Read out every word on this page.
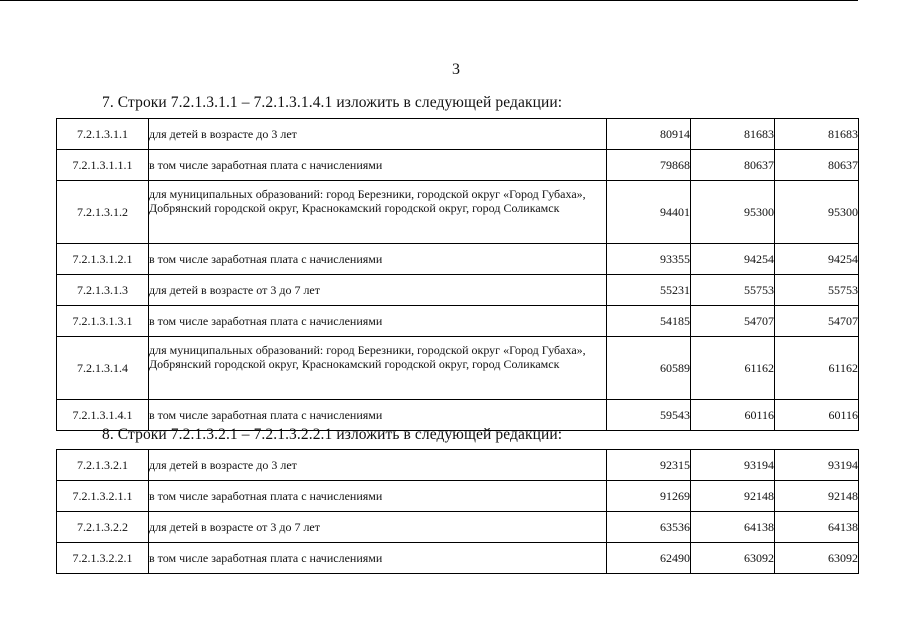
3
7. Строки 7.2.1.3.1.1 – 7.2.1.3.1.4.1 изложить в следующей редакции:
7.2.1.3.1.1	для детей в возрасте до 3 лет	80914	81683	81683
7.2.1.3.1.1.1	в том числе заработная плата с начислениями	79868	80637	80637
7.2.1.3.1.2	для муниципальных образований: город Березники, городской округ «Город Губаха», Добрянский городской округ, Краснокамский городской округ, город Соликамск	94401	95300	95300
7.2.1.3.1.2.1	в том числе заработная плата с начислениями	93355	94254	94254
7.2.1.3.1.3	для детей в возрасте от 3 до 7 лет	55231	55753	55753
7.2.1.3.1.3.1	в том числе заработная плата с начислениями	54185	54707	54707
7.2.1.3.1.4	для муниципальных образований: город Березники, городской округ «Город Губаха», Добрянский городской округ, Краснокамский городской округ, город Соликамск	60589	61162	61162
7.2.1.3.1.4.1	в том числе заработная плата с начислениями	59543	60116	60116
8. Строки 7.2.1.3.2.1 – 7.2.1.3.2.2.1 изложить в следующей редакции:
7.2.1.3.2.1	для детей в возрасте до 3 лет	92315	93194	93194
7.2.1.3.2.1.1	в том числе заработная плата с начислениями	91269	92148	92148
7.2.1.3.2.2	для детей в возрасте от 3 до 7 лет	63536	64138	64138
7.2.1.3.2.2.1	в том числе заработная плата с начислениями	62490	63092	63092
